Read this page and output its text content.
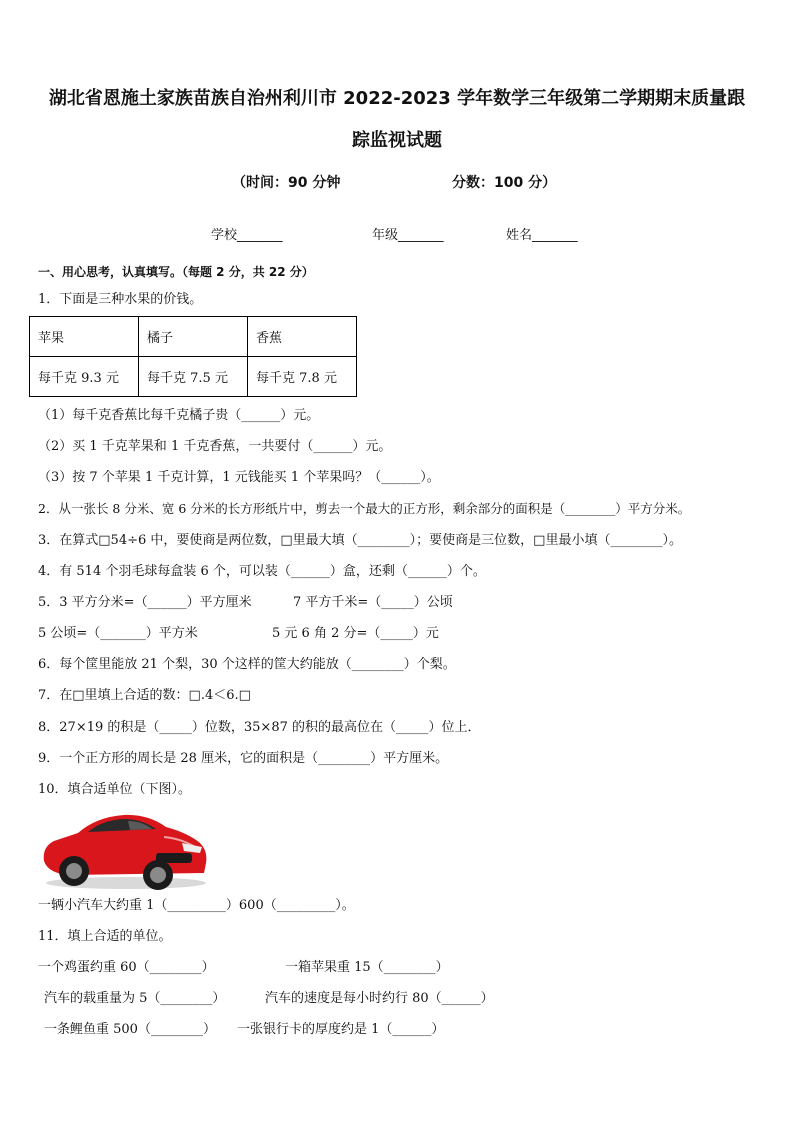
湖北省恩施土家族苗族自治州利川市 2022-2023 学年数学三年级第二学期期末质量跟
踪监视试题
（时间：90 分钟	分数：100 分）
学校_______	年级_______	姓名_______
一、用心思考，认真填写。（每题 2 分，共 22 分）
1．下面是三种水果的价钱。
苹果	橘子	香蕉
每千克 9.3 元	每千克 7.5 元	每千克 7.8 元
（1）每千克香蕉比每千克橘子贵（______）元。
（2）买 1 千克苹果和 1 千克香蕉，一共要付（______）元。
（3）按 7 个苹果 1 千克计算，1 元钱能买 1 个苹果吗？（______）。
2．从一张长 8 分米、宽 6 分米的长方形纸片中，剪去一个最大的正方形，剩余部分的面积是（________）平方分米。
3．在算式□54÷6 中，要使商是两位数，□里最大填（________）；要使商是三位数，□里最小填（________）。
4．有 514 个羽毛球每盒装 6 个，可以装（______）盒，还剩（______）个。
5．3 平方分米=（______）平方厘米	7 平方千米=（_____）公顷
5 公顷=（_______）平方米	5 元 6 角 2 分=（_____）元
6．每个筐里能放 21 个梨，30 个这样的筐大约能放（________）个梨。
7．在□里填上合适的数：□.4＜6.□
8．27×19 的积是（_____）位数，35×87 的积的最高位在（_____）位上．
9．一个正方形的周长是 28 厘米，它的面积是（________）平方厘米。
10．填合适单位（下图）。
一辆小汽车大约重 1（_________）600（_________）。
11．填上合适的单位。
一个鸡蛋约重 60（________）	一箱苹果重 15（________）
汽车的载重量为 5（________）	汽车的速度是每小时约行 80（______）
一条鲤鱼重 500（________） 一张银行卡的厚度约是 1（______）
